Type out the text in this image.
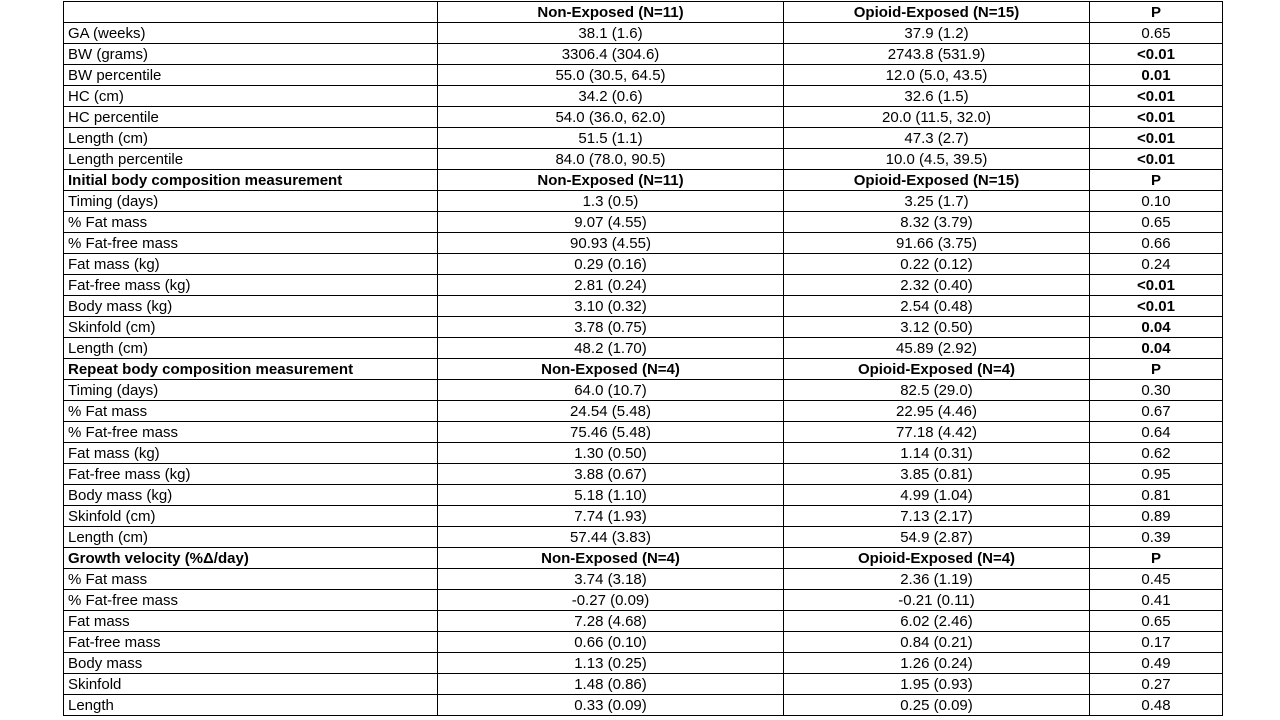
	Non-Exposed (N=11)	Opioid-Exposed (N=15)	P
GA (weeks)	38.1 (1.6)	37.9 (1.2)	0.65
BW (grams)	3306.4 (304.6)	2743.8 (531.9)	<0.01
BW percentile	55.0 (30.5, 64.5)	12.0 (5.0, 43.5)	0.01
HC (cm)	34.2 (0.6)	32.6 (1.5)	<0.01
HC percentile	54.0 (36.0, 62.0)	20.0 (11.5, 32.0)	<0.01
Length (cm)	51.5 (1.1)	47.3 (2.7)	<0.01
Length percentile	84.0 (78.0, 90.5)	10.0 (4.5, 39.5)	<0.01
Initial body composition measurement	Non-Exposed (N=11)	Opioid-Exposed (N=15)	P
Timing (days)	1.3 (0.5)	3.25 (1.7)	0.10
% Fat mass	9.07 (4.55)	8.32 (3.79)	0.65
% Fat-free mass	90.93 (4.55)	91.66 (3.75)	0.66
Fat mass (kg)	0.29 (0.16)	0.22 (0.12)	0.24
Fat-free mass (kg)	2.81 (0.24)	2.32 (0.40)	<0.01
Body mass (kg)	3.10 (0.32)	2.54 (0.48)	<0.01
Skinfold (cm)	3.78 (0.75)	3.12 (0.50)	0.04
Length (cm)	48.2 (1.70)	45.89 (2.92)	0.04
Repeat body composition measurement	Non-Exposed (N=4)	Opioid-Exposed (N=4)	P
Timing (days)	64.0 (10.7)	82.5 (29.0)	0.30
% Fat mass	24.54 (5.48)	22.95 (4.46)	0.67
% Fat-free mass	75.46 (5.48)	77.18 (4.42)	0.64
Fat mass (kg)	1.30 (0.50)	1.14 (0.31)	0.62
Fat-free mass (kg)	3.88 (0.67)	3.85 (0.81)	0.95
Body mass (kg)	5.18 (1.10)	4.99 (1.04)	0.81
Skinfold (cm)	7.74 (1.93)	7.13 (2.17)	0.89
Length (cm)	57.44 (3.83)	54.9 (2.87)	0.39
Growth velocity (%Δ/day)	Non-Exposed (N=4)	Opioid-Exposed (N=4)	P
% Fat mass	3.74 (3.18)	2.36 (1.19)	0.45
% Fat-free mass	-0.27 (0.09)	-0.21 (0.11)	0.41
Fat mass	7.28 (4.68)	6.02 (2.46)	0.65
Fat-free mass	0.66 (0.10)	0.84 (0.21)	0.17
Body mass	1.13 (0.25)	1.26 (0.24)	0.49
Skinfold	1.48 (0.86)	1.95 (0.93)	0.27
Length	0.33 (0.09)	0.25 (0.09)	0.48
